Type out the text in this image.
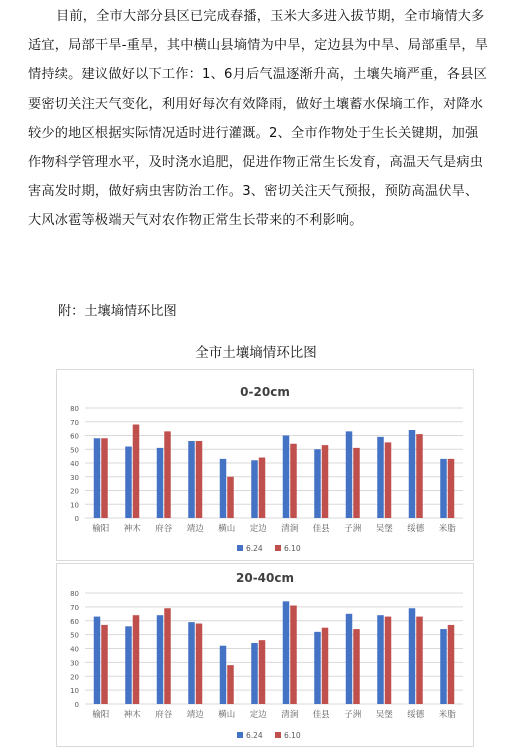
目前，全市大部分县区已完成春播，玉米大多进入拔节期，全市墒情大多适宜，局部干旱-重旱，其中横山县墒情为中旱，定边县为中旱、局部重旱，旱情持续。建议做好以下工作：1、6月后气温逐渐升高，土壤失墒严重，各县区要密切关注天气变化，利用好每次有效降雨，做好土壤蓄水保墒工作，对降水较少的地区根据实际情况适时进行灌溉。2、全市作物处于生长关键期，加强作物科学管理水平，及时浇水追肥，促进作物正常生长发育，高温天气是病虫害高发时期，做好病虫害防治工作。3、密切关注天气预报，预防高温伏旱、大风冰雹等极端天气对农作物正常生长带来的不利影响。

附：土壤墒情环比图

全市土壤墒情环比图
0-20cm
0
10
20
30
40
50
60
70
80
榆阳 神木 府谷 靖边 横山 定边 清涧 佳县 子洲 吴堡 绥德 米脂
6.24	6.10
20-40cm
0
10
20
30
40
50
60
70
80
榆阳 神木 府谷 靖边 横山 定边 清涧 佳县 子洲 吴堡 绥德 米脂
6.24	6.10
